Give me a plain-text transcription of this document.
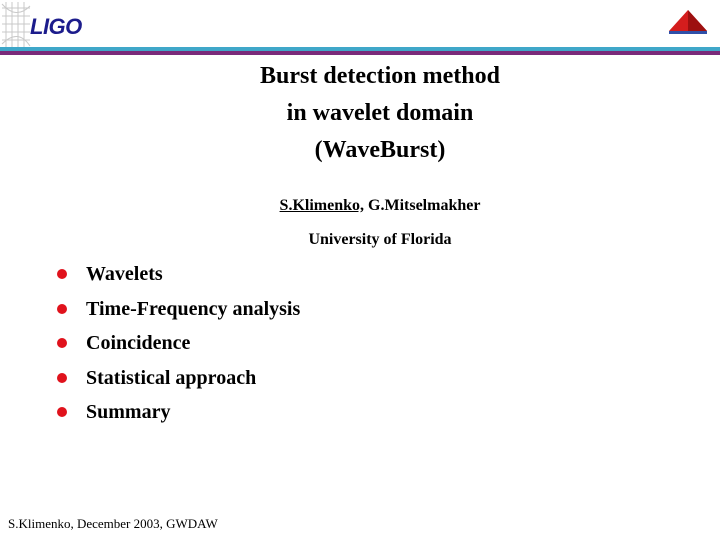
LIGO
Burst detection method
in wavelet domain
(WaveBurst)
S.Klimenko, G.Mitselmakher
University of Florida
Wavelets
Time-Frequency analysis
Coincidence
Statistical approach
Summary
S.Klimenko, December 2003, GWDAW
